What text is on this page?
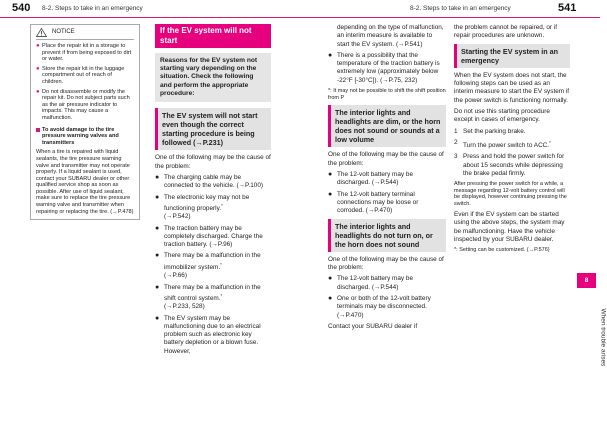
540 8-2. Steps to take in an emergency	8-2. Steps to take in an emergency	541
NOTICE
● Place the repair kit in a storage to prevent if from being exposed to dirt or water.
● Store the repair kit in the luggage compartment out of reach of children.
● Do not disassemble or modify the repair kit. Do not subject parts such as the air pressure indicator to impacts. This may cause a malfunction.
To avoid damage to the tire pressure warning valves and transmitters
When a tire is repaired with liquid sealants, the tire pressure warning valve and transmitter may not operate properly. If a liquid sealant is used, contact your SUBARU dealer or other qualified service shop as soon as possible. After use of liquid sealant, make sure to replace the tire pressure warning valve and transmitter when repairing or replacing the tire. (→P.478)
If the EV system will not start
Reasons for the EV system not starting vary depending on the situation. Check the following and perform the appropriate procedure:
The EV system will not start even though the correct starting procedure is being followed (→P.231)

One of the following may be the cause of the problem:

● The charging cable may be connected to the vehicle. (→P.100)
● The electronic key may not be functioning properly.*
(→P.542)
● The traction battery may be completely discharged. Charge the traction battery. (→P.96)
● There may be a malfunction in the immobilizer system.*
(→P.66)
● There may be a malfunction in the shift control system.*
(→P.233, 528)
● The EV system may be malfunctioning due to an electrical problem such as electronic key battery depletion or a blown fuse. However,

depending on the type of malfunction, an interim measure is available to start the EV system. (→P.541)

● There is a possibility that the temperature of the traction battery is extremely low (approximately below -22°F [-30°C]). (→P.75, 232)
*: It may not be possible to shift the shift position from P
The interior lights and headlights are dim, or the horn does not sound or sounds at a low volume

One of the following may be the cause of the problem:

● The 12-volt battery may be discharged. (→P.544)
● The 12-volt battery terminal connections may be loose or corroded. (→P.470)
The interior lights and headlights do not turn on, or the horn does not sound

One of the following may be the cause of the problem:

● The 12-volt battery may be discharged. (→P.544)
● One or both of the 12-volt battery terminals may be disconnected. (→P.470)

Contact your SUBARU dealer if

the problem cannot be repaired, or if repair procedures are unknown.

Starting the EV system in an emergency

When the EV system does not start, the following steps can be used as an interim measure to start the EV system if the power switch is functioning normally.

Do not use this starting procedure except in cases of emergency.

1 Set the parking brake.
2 Turn the power switch to ACC.*
3 Press and hold the power switch for about 15 seconds while depressing the brake pedal firmly.
After pressing the power switch for a while, a message regarding 12-volt battery control will be displayed, however continuing pressing the switch.

Even if the EV system can be started using the above steps, the system may be malfunctioning. Have the vehicle inspected by your SUBARU dealer.

*: Setting can be customized. (→P.576)
8
When trouble arises
